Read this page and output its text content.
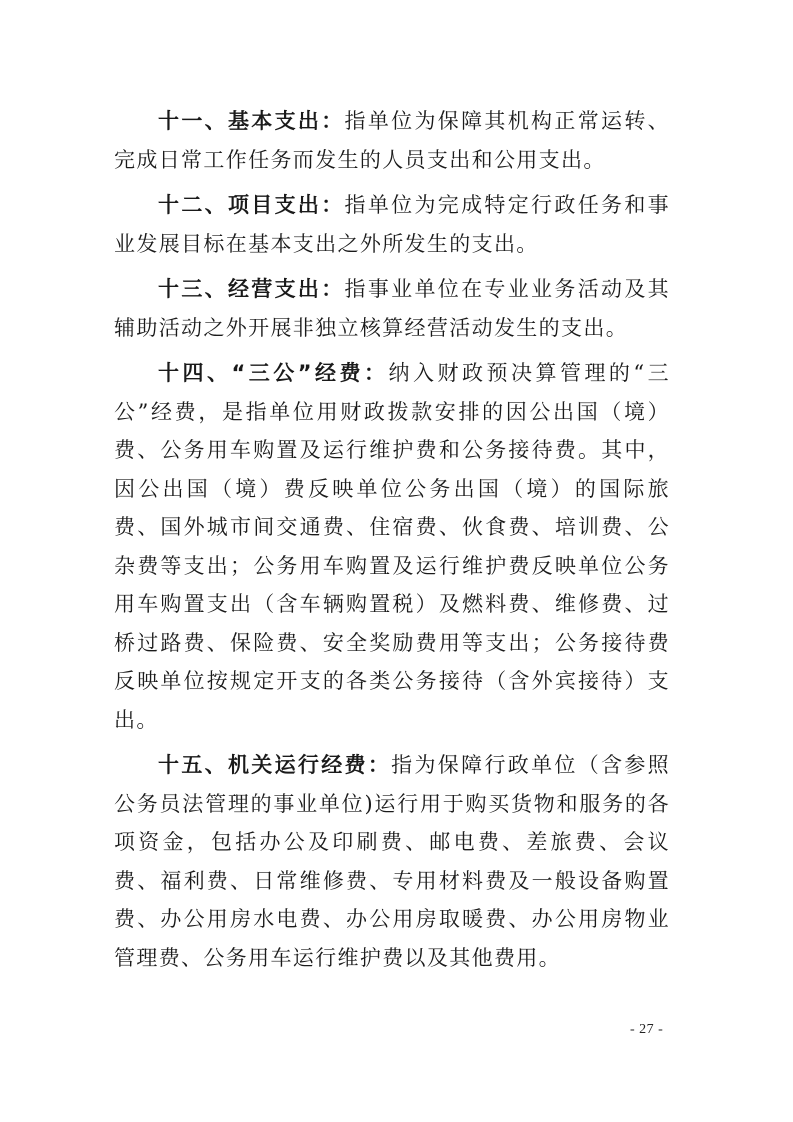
十一、基本支出：指单位为保障其机构正常运转、完成日常工作任务而发生的人员支出和公用支出。

十二、项目支出：指单位为完成特定行政任务和事业发展目标在基本支出之外所发生的支出。

十三、经营支出：指事业单位在专业业务活动及其辅助活动之外开展非独立核算经营活动发生的支出。

十四、“三公”经费：纳入财政预决算管理的“三公”经费，是指单位用财政拨款安排的因公出国（境）费、公务用车购置及运行维护费和公务接待费。其中，因公出国（境）费反映单位公务出国（境）的国际旅费、国外城市间交通费、住宿费、伙食费、培训费、公杂费等支出；公务用车购置及运行维护费反映单位公务用车购置支出（含车辆购置税）及燃料费、维修费、过桥过路费、保险费、安全奖励费用等支出；公务接待费反映单位按规定开支的各类公务接待（含外宾接待）支出。

十五、机关运行经费：指为保障行政单位（含参照公务员法管理的事业单位)运行用于购买货物和服务的各项资金，包括办公及印刷费、邮电费、差旅费、会议费、福利费、日常维修费、专用材料费及一般设备购置费、办公用房水电费、办公用房取暖费、办公用房物业管理费、公务用车运行维护费以及其他费用。

- 27 -
